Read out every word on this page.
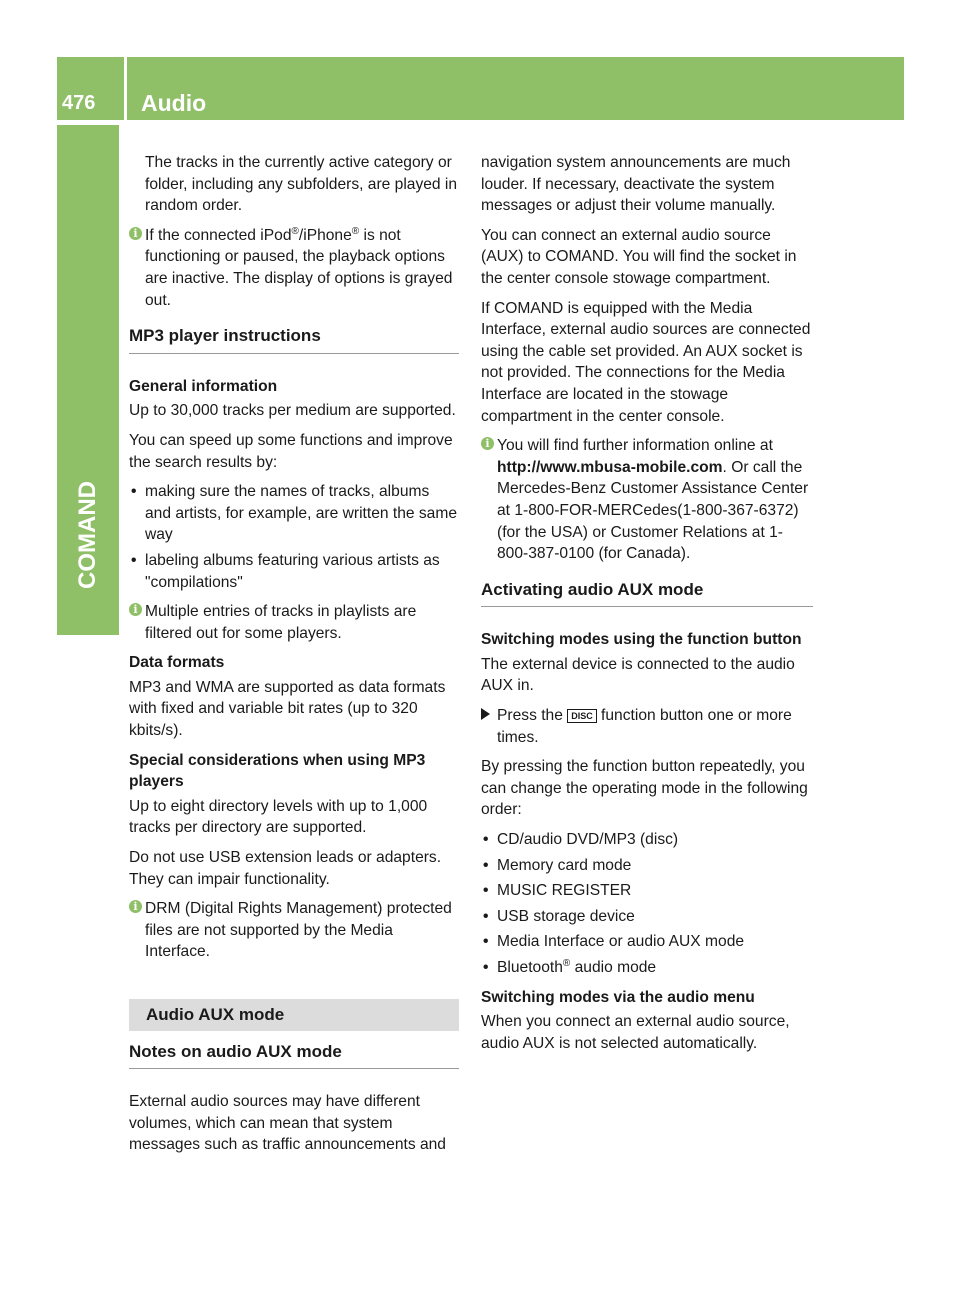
476 Audio
COMAND

The tracks in the currently active category or folder, including any subfolders, are played in random order.

i If the connected iPod®/iPhone® is not functioning or paused, the playback options are inactive. The display of options is grayed out.
MP3 player instructions
General information

Up to 30,000 tracks per medium are supported.

You can speed up some functions and improve the search results by:

• making sure the names of tracks, albums and artists, for example, are written the same way
• labeling albums featuring various artists as "compilations"
i Multiple entries of tracks in playlists are filtered out for some players.
Data formats

MP3 and WMA are supported as data formats with fixed and variable bit rates (up to 320 kbits/s).

Special considerations when using MP3 players

Up to eight directory levels with up to 1,000 tracks per directory are supported.

Do not use USB extension leads or adapters. They can impair functionality.

i DRM (Digital Rights Management) protected files are not supported by the Media Interface.
Audio AUX mode
Notes on audio AUX mode

External audio sources may have different volumes, which can mean that system messages such as traffic announcements and

navigation system announcements are much louder. If necessary, deactivate the system messages or adjust their volume manually.

You can connect an external audio source (AUX) to COMAND. You will find the socket in the center console stowage compartment.

If COMAND is equipped with the Media Interface, external audio sources are connected using the cable set provided. An AUX socket is not provided. The connections for the Media Interface are located in the stowage compartment in the center console.

i You will find further information online at http://www.mbusa-mobile.com. Or call the Mercedes-Benz Customer Assistance Center at 1-800-FOR-MERCedes(1-800-367-6372) (for the USA) or Customer Relations at 1-800-387-0100 (for Canada).
Activating audio AUX mode
Switching modes using the function button

The external device is connected to the audio AUX in.

Press the DISC function button one or more times.

By pressing the function button repeatedly, you can change the operating mode in the following order:

• CD/audio DVD/MP3 (disc)
• Memory card mode
• MUSIC REGISTER
• USB storage device
• Media Interface or audio AUX mode
• Bluetooth® audio mode
Switching modes via the audio menu

When you connect an external audio source, audio AUX is not selected automatically.
